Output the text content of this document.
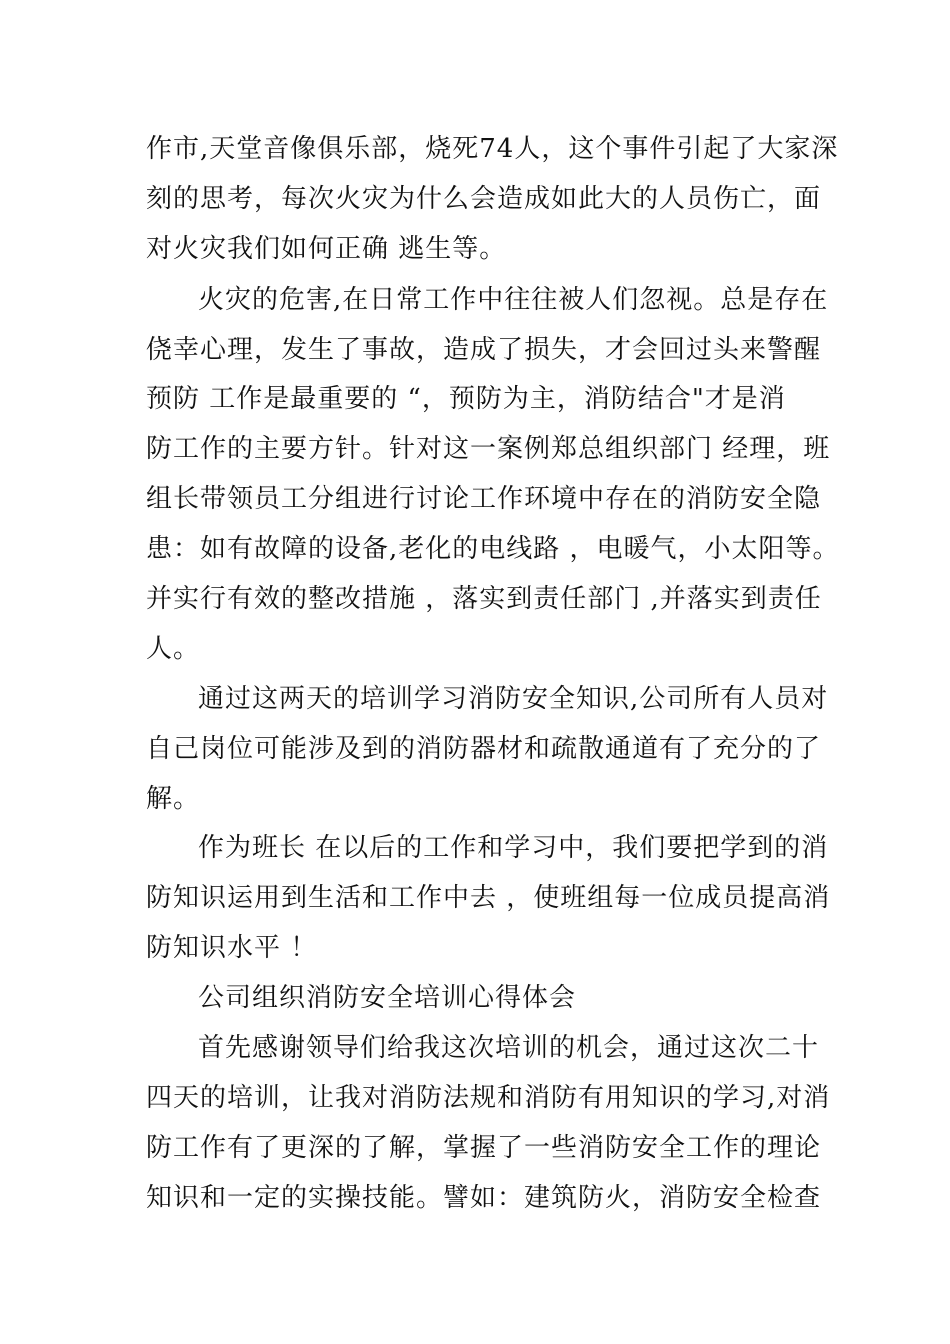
作市,天堂音像俱乐部，烧死74人，这个事件引起了大家深
刻的思考，每次火灾为什么会造成如此大的人员伤亡，面
对火灾我们如何正确 逃生等。
火灾的危害,在日常工作中往往被人们忽视。总是存在
侥幸心理，发生了事故，造成了损失，才会回过头来警醒
预防 工作是最重要的 “，预防为主，消防结合"才是消
防工作的主要方针。针对这一案例郑总组织部门 经理，班
组长带领员工分组进行讨论工作环境中存在的消防安全隐
患：如有故障的设备,老化的电线路 ，电暖气，小太阳等。
并实行有效的整改措施 ，落实到责任部门 ,并落实到责任
人。
通过这两天的培训学习消防安全知识,公司所有人员对
自己岗位可能涉及到的消防器材和疏散通道有了充分的了
解。
作为班长 在以后的工作和学习中，我们要把学到的消
防知识运用到生活和工作中去 ，使班组每一位成员提高消
防知识水平 ！
公司组织消防安全培训心得体会
首先感谢领导们给我这次培训的机会，通过这次二十
四天的培训，让我对消防法规和消防有用知识的学习,对消
防工作有了更深的了解，掌握了一些消防安全工作的理论
知识和一定的实操技能。譬如：建筑防火，消防安全检查
